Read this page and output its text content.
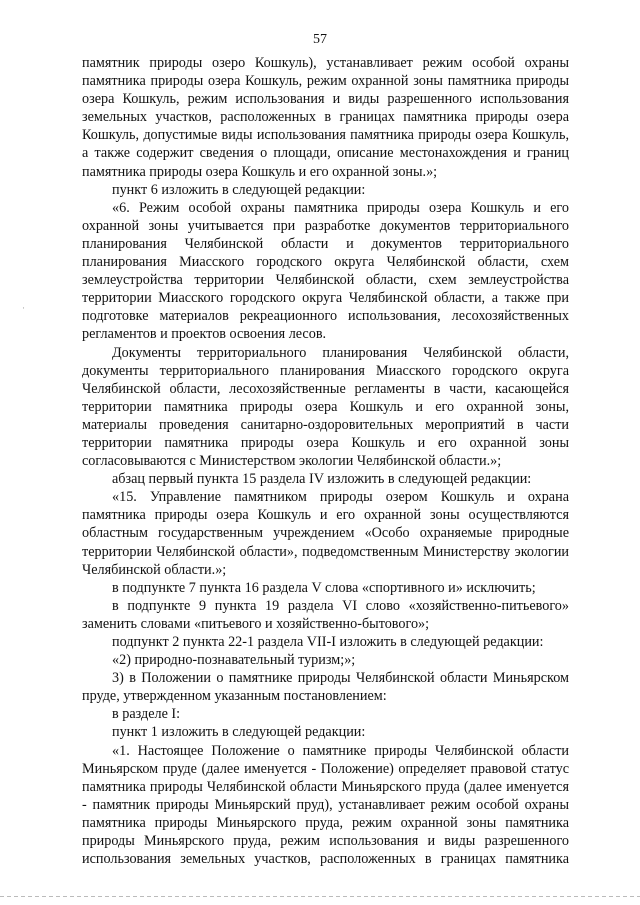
57
памятник природы озеро Кошкуль), устанавливает режим особой охраны
памятника природы озера Кошкуль, режим охранной зоны памятника природы
озера Кошкуль, режим использования и виды разрешенного использования
земельных участков, расположенных в границах памятника природы озера
Кошкуль, допустимые виды использования памятника природы озера Кошкуль,
а также содержит сведения о площади, описание местонахождения и границ
памятника природы озера Кошкуль и его охранной зоны.»;
пункт 6 изложить в следующей редакции:
«6. Режим особой охраны памятника природы озера Кошкуль и его
охранной зоны учитывается при разработке документов территориального
планирования Челябинской области и документов территориального
планирования Миасского городского округа Челябинской области, схем
землеустройства территории Челябинской области, схем землеустройства
территории Миасского городского округа Челябинской области, а также при
подготовке материалов рекреационного использования, лесохозяйственных
регламентов и проектов освоения лесов.
Документы территориального планирования Челябинской области,
документы территориального планирования Миасского городского округа
Челябинской области, лесохозяйственные регламенты в части, касающейся
территории памятника природы озера Кошкуль и его охранной зоны,
материалы проведения санитарно-оздоровительных мероприятий в части
территории памятника природы озера Кошкуль и его охранной зоны
согласовываются с Министерством экологии Челябинской области.»;
абзац первый пункта 15 раздела IV изложить в следующей редакции:
«15. Управление памятником природы озером Кошкуль и охрана
памятника природы озера Кошкуль и его охранной зоны осуществляются
областным государственным учреждением «Особо охраняемые природные
территории Челябинской области», подведомственным Министерству экологии
Челябинской области.»;
в подпункте 7 пункта 16 раздела V слова «спортивного и» исключить;
в подпункте 9 пункта 19 раздела VI слово «хозяйственно-питьевого»
заменить словами «питьевого и хозяйственно-бытового»;
подпункт 2 пункта 22-1 раздела VII-I изложить в следующей редакции:
«2) природно-познавательный туризм;»;
3) в Положении о памятнике природы Челябинской области Миньярском
пруде, утвержденном указанным постановлением:
в разделе I:
пункт 1 изложить в следующей редакции:
«1. Настоящее Положение о памятнике природы Челябинской области
Миньярском пруде (далее именуется - Положение) определяет правовой статус
памятника природы Челябинской области Миньярского пруда (далее именуется
- памятник природы Миньярский пруд), устанавливает режим особой охраны
памятника природы Миньярского пруда, режим охранной зоны памятника
природы Миньярского пруда, режим использования и виды разрешенного
использования земельных участков, расположенных в границах памятника
·
